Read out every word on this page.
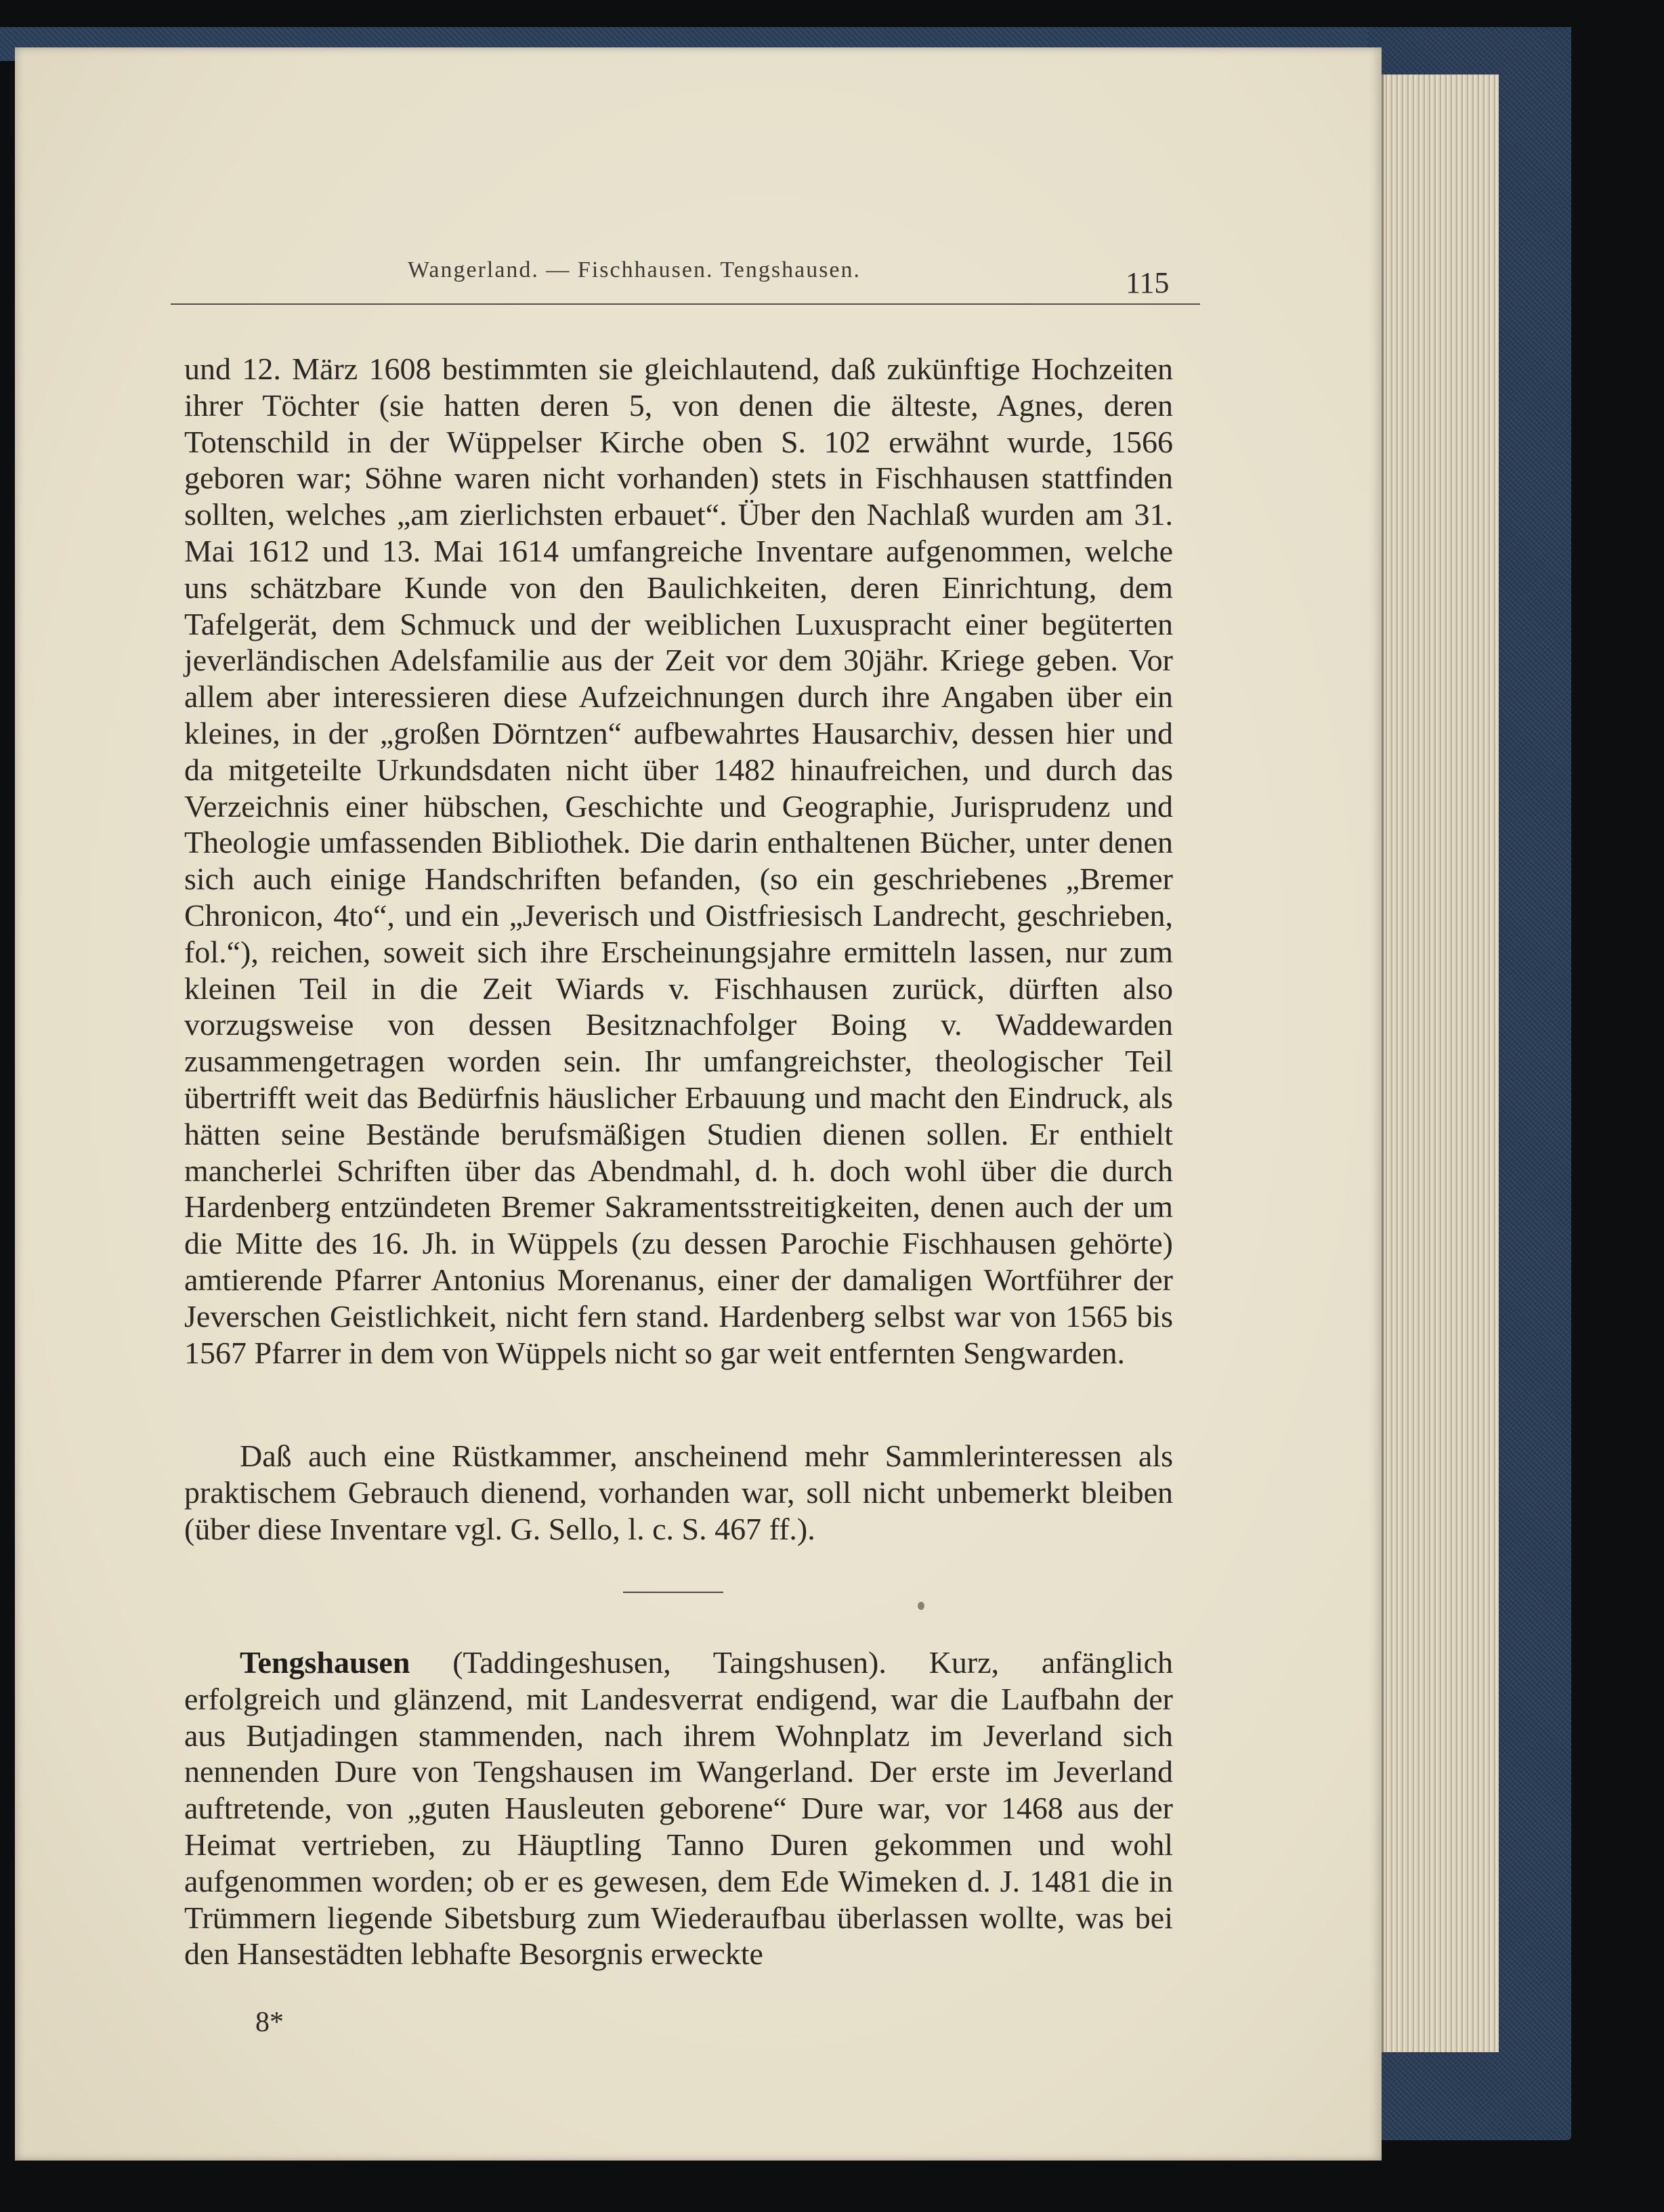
Wangerland. — Fischhausen. Tengshausen.	115
und 12. März 1608 bestimmten sie gleichlautend, daß zukünftige Hochzeiten ihrer Töchter (sie hatten deren 5, von denen die älteste, Agnes, deren Totenschild in der Wüppelser Kirche oben S. 102 erwähnt wurde, 1566 geboren war; Söhne waren nicht vorhanden) stets in Fischhausen stattfinden sollten, welches „am zierlichsten erbauet“. Über den Nachlaß wurden am 31. Mai 1612 und 13. Mai 1614 umfangreiche Inventare aufgenommen, welche uns schätzbare Kunde von den Baulichkeiten, deren Einrichtung, dem Tafelgerät, dem Schmuck und der weiblichen Luxuspracht einer begüterten jeverländischen Adelsfamilie aus der Zeit vor dem 30jähr. Kriege geben. Vor allem aber interessieren diese Aufzeichnungen durch ihre Angaben über ein kleines, in der „großen Dörntzen“ aufbewahrtes Hausarchiv, dessen hier und da mitgeteilte Urkundsdaten nicht über 1482 hinaufreichen, und durch das Verzeichnis einer hübschen, Geschichte und Geographie, Jurisprudenz und Theologie umfassenden Bibliothek. Die darin enthaltenen Bücher, unter denen sich auch einige Handschriften befanden, (so ein geschriebenes „Bremer Chronicon, 4to“, und ein „Jeverisch und Oistfriesisch Landrecht, geschrieben, fol.“), reichen, soweit sich ihre Erscheinungsjahre ermitteln lassen, nur zum kleinen Teil in die Zeit Wiards v. Fischhausen zurück, dürften also vorzugsweise von dessen Besitznachfolger Boing v. Waddewarden zusammengetragen worden sein. Ihr umfangreichster, theologischer Teil übertrifft weit das Bedürfnis häuslicher Erbauung und macht den Eindruck, als hätten seine Bestände berufsmäßigen Studien dienen sollen. Er enthielt mancherlei Schriften über das Abendmahl, d. h. doch wohl über die durch Hardenberg entzündeten Bremer Sakramentsstreitigkeiten, denen auch der um die Mitte des 16. Jh. in Wüppels (zu dessen Parochie Fischhausen gehörte) amtierende Pfarrer Antonius Morenanus, einer der damaligen Wortführer der Jeverschen Geistlichkeit, nicht fern stand. Hardenberg selbst war von 1565 bis 1567 Pfarrer in dem von Wüppels nicht so gar weit entfernten Sengwarden.
Daß auch eine Rüstkammer, anscheinend mehr Sammlerinteressen als praktischem Gebrauch dienend, vorhanden war, soll nicht unbemerkt bleiben (über diese Inventare vgl. G. Sello, l. c. S. 467 ff.).
Tengshausen (Taddingeshusen, Taingshusen). Kurz, anfänglich erfolgreich und glänzend, mit Landesverrat endigend, war die Laufbahn der aus Butjadingen stammenden, nach ihrem Wohnplatz im Jeverland sich nennenden Dure von Tengshausen im Wangerland. Der erste im Jeverland auftretende, von „guten Hausleuten geborene“ Dure war, vor 1468 aus der Heimat vertrieben, zu Häuptling Tanno Duren gekommen und wohl aufgenommen worden; ob er es gewesen, dem Ede Wimeken d. J. 1481 die in Trümmern liegende Sibetsburg zum Wiederaufbau überlassen wollte, was bei den Hansestädten lebhafte Besorgnis erweckte
8*
